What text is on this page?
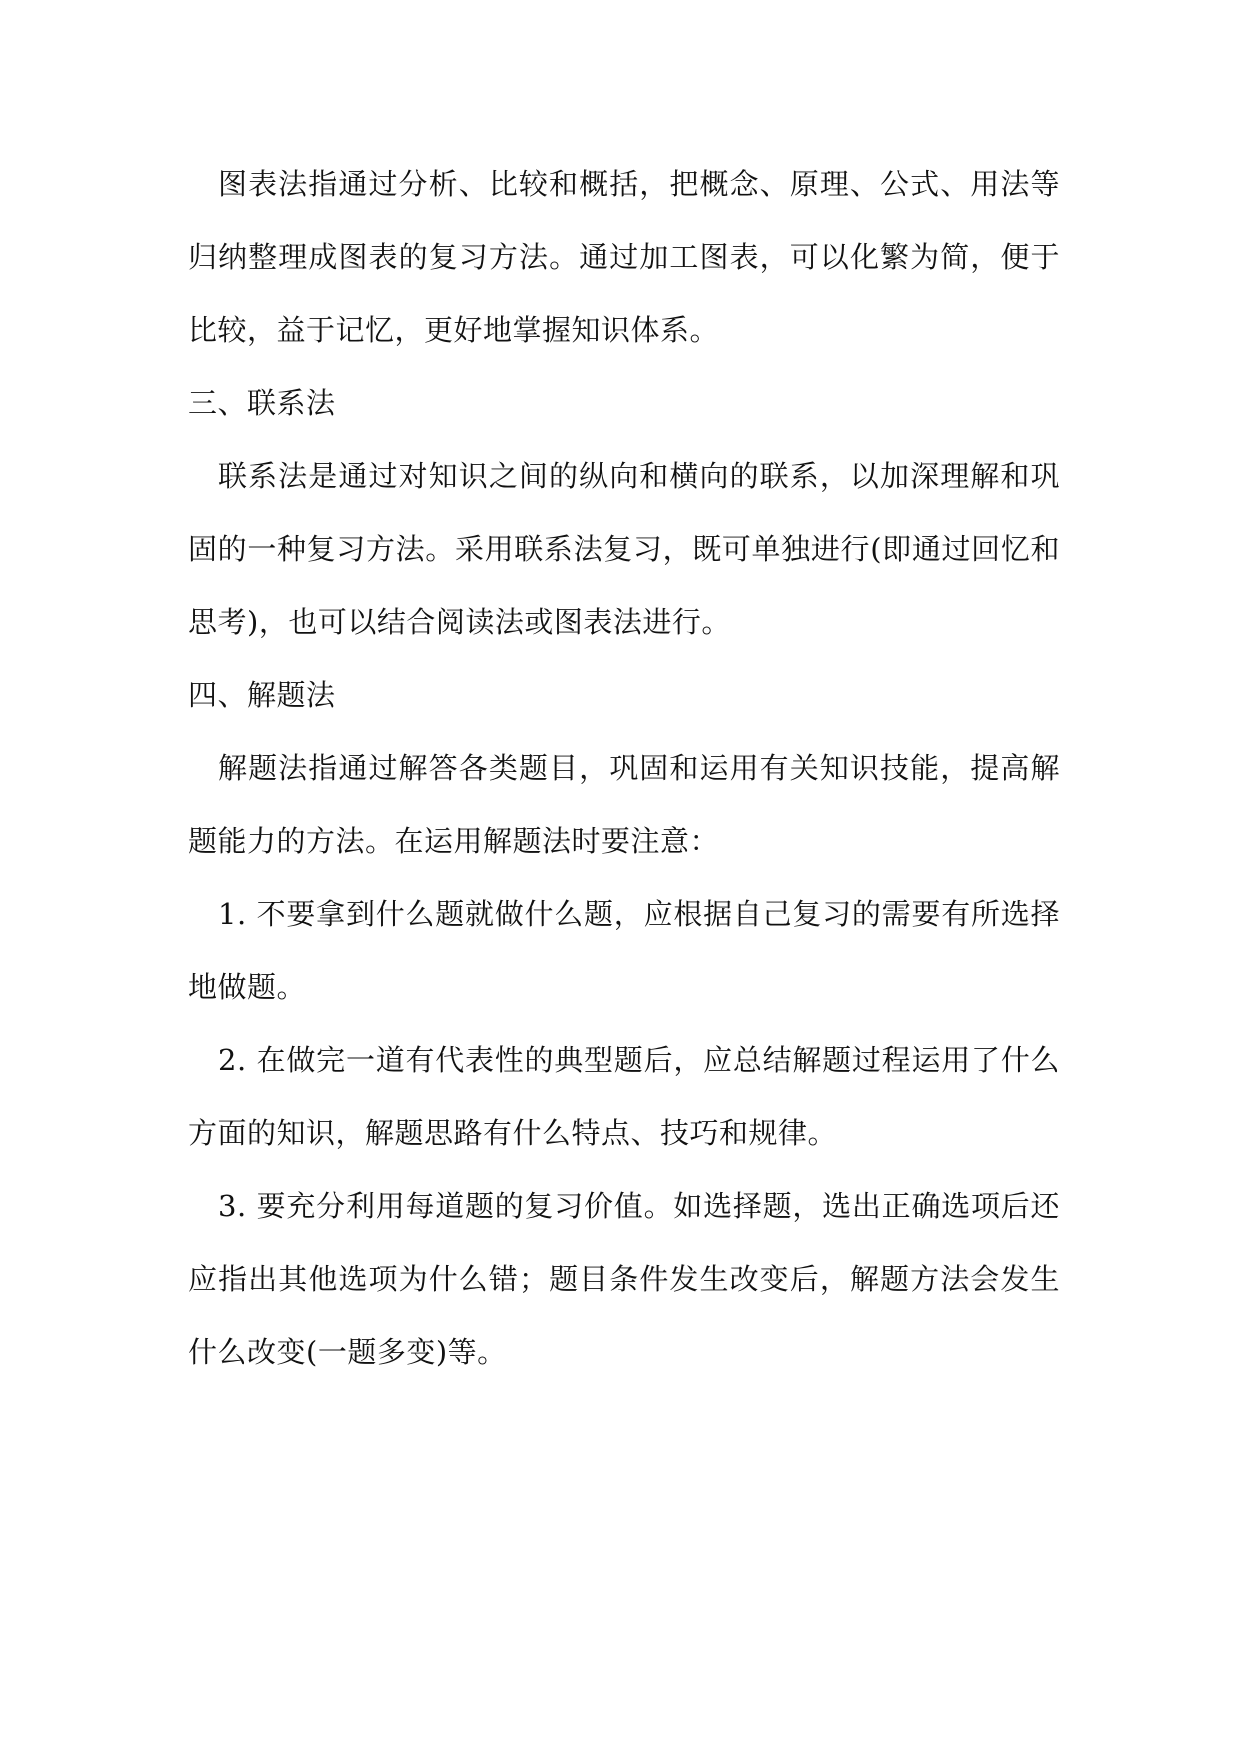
图表法指通过分析、比较和概括，把概念、原理、公式、用法等归纳整理成图表的复习方法。通过加工图表，可以化繁为简，便于比较，益于记忆，更好地掌握知识体系。

三、联系法

联系法是通过对知识之间的纵向和横向的联系，以加深理解和巩固的一种复习方法。采用联系法复习，既可单独进行(即通过回忆和思考)，也可以结合阅读法或图表法进行。

四、解题法

解题法指通过解答各类题目，巩固和运用有关知识技能，提高解题能力的方法。在运用解题法时要注意：

1. 不要拿到什么题就做什么题，应根据自己复习的需要有所选择地做题。

2. 在做完一道有代表性的典型题后，应总结解题过程运用了什么方面的知识，解题思路有什么特点、技巧和规律。

3. 要充分利用每道题的复习价值。如选择题，选出正确选项后还应指出其他选项为什么错；题目条件发生改变后，解题方法会发生什么改变(一题多变)等。
